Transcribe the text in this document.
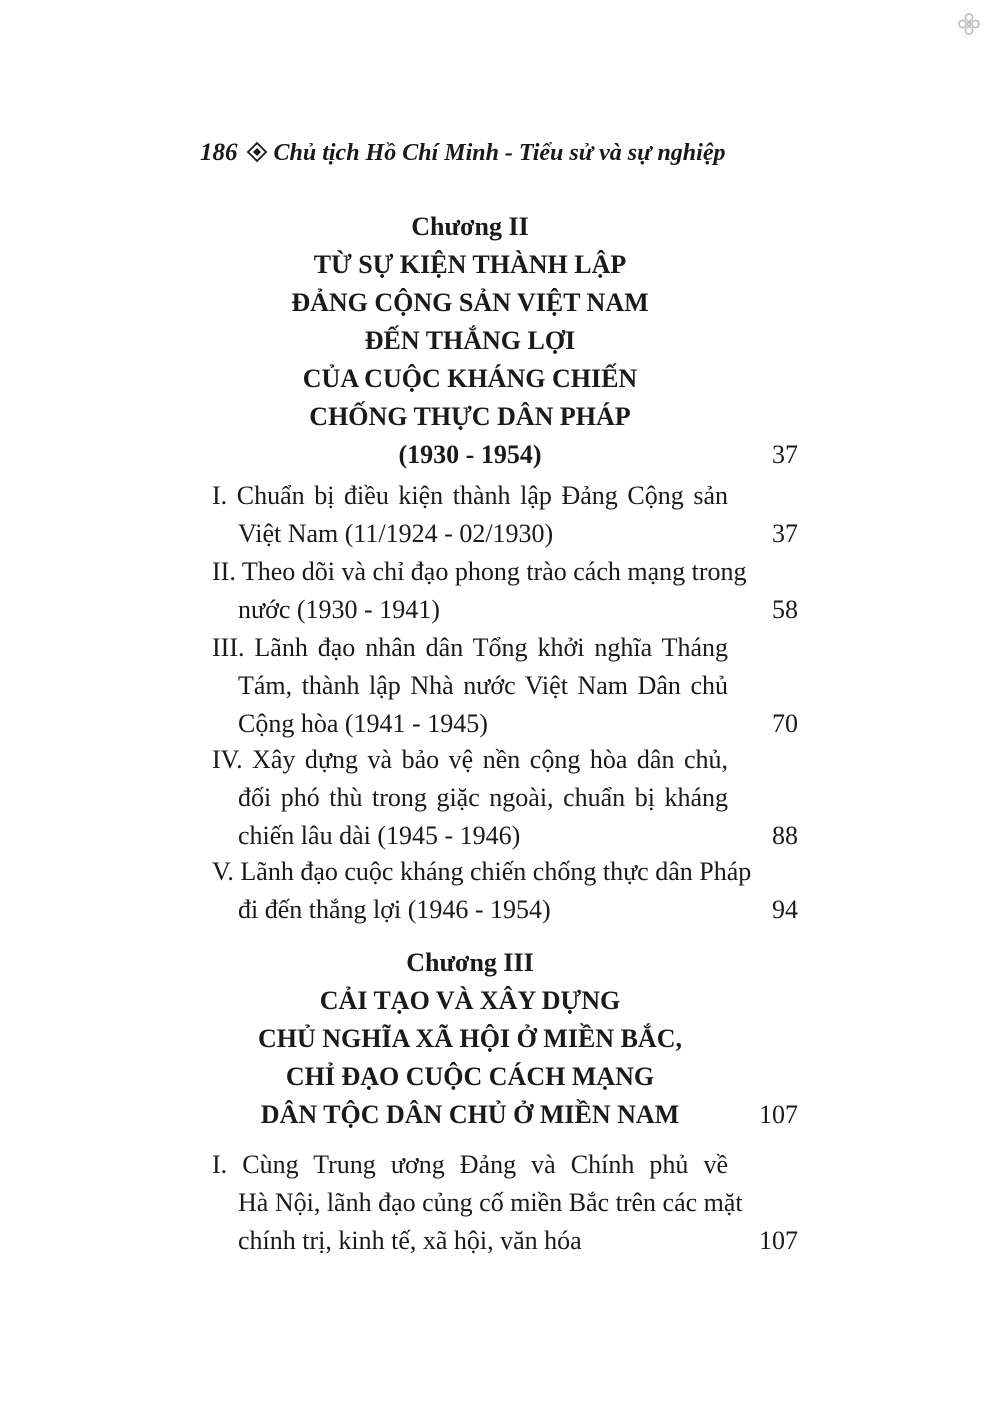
186 Chủ tịch Hồ Chí Minh - Tiểu sử và sự nghiệp
Chương II
TỪ SỰ KIỆN THÀNH LẬP
ĐẢNG CỘNG SẢN VIỆT NAM
ĐẾN THẮNG LỢI
CỦA CUỘC KHÁNG CHIẾN
CHỐNG THỰC DÂN PHÁP
(1930 - 1954)	37
I. Chuẩn bị điều kiện thành lập Đảng Cộng sản
Việt Nam (11/1924 - 02/1930)	37
II. Theo dõi và chỉ đạo phong trào cách mạng trong
nước (1930 - 1941)	58
III. Lãnh đạo nhân dân Tổng khởi nghĩa Tháng
Tám, thành lập Nhà nước Việt Nam Dân chủ
Cộng hòa (1941 - 1945)	70
IV. Xây dựng và bảo vệ nền cộng hòa dân chủ,
đối phó thù trong giặc ngoài, chuẩn bị kháng
chiến lâu dài (1945 - 1946)	88
V. Lãnh đạo cuộc kháng chiến chống thực dân Pháp
đi đến thắng lợi (1946 - 1954)	94
Chương III
CẢI TẠO VÀ XÂY DỰNG
CHỦ NGHĨA XÃ HỘI Ở MIỀN BẮC,
CHỈ ĐẠO CUỘC CÁCH MẠNG
DÂN TỘC DÂN CHỦ Ở MIỀN NAM	107
I. Cùng Trung ương Đảng và Chính phủ về
Hà Nội, lãnh đạo củng cố miền Bắc trên các mặt
chính trị, kinh tế, xã hội, văn hóa	107
